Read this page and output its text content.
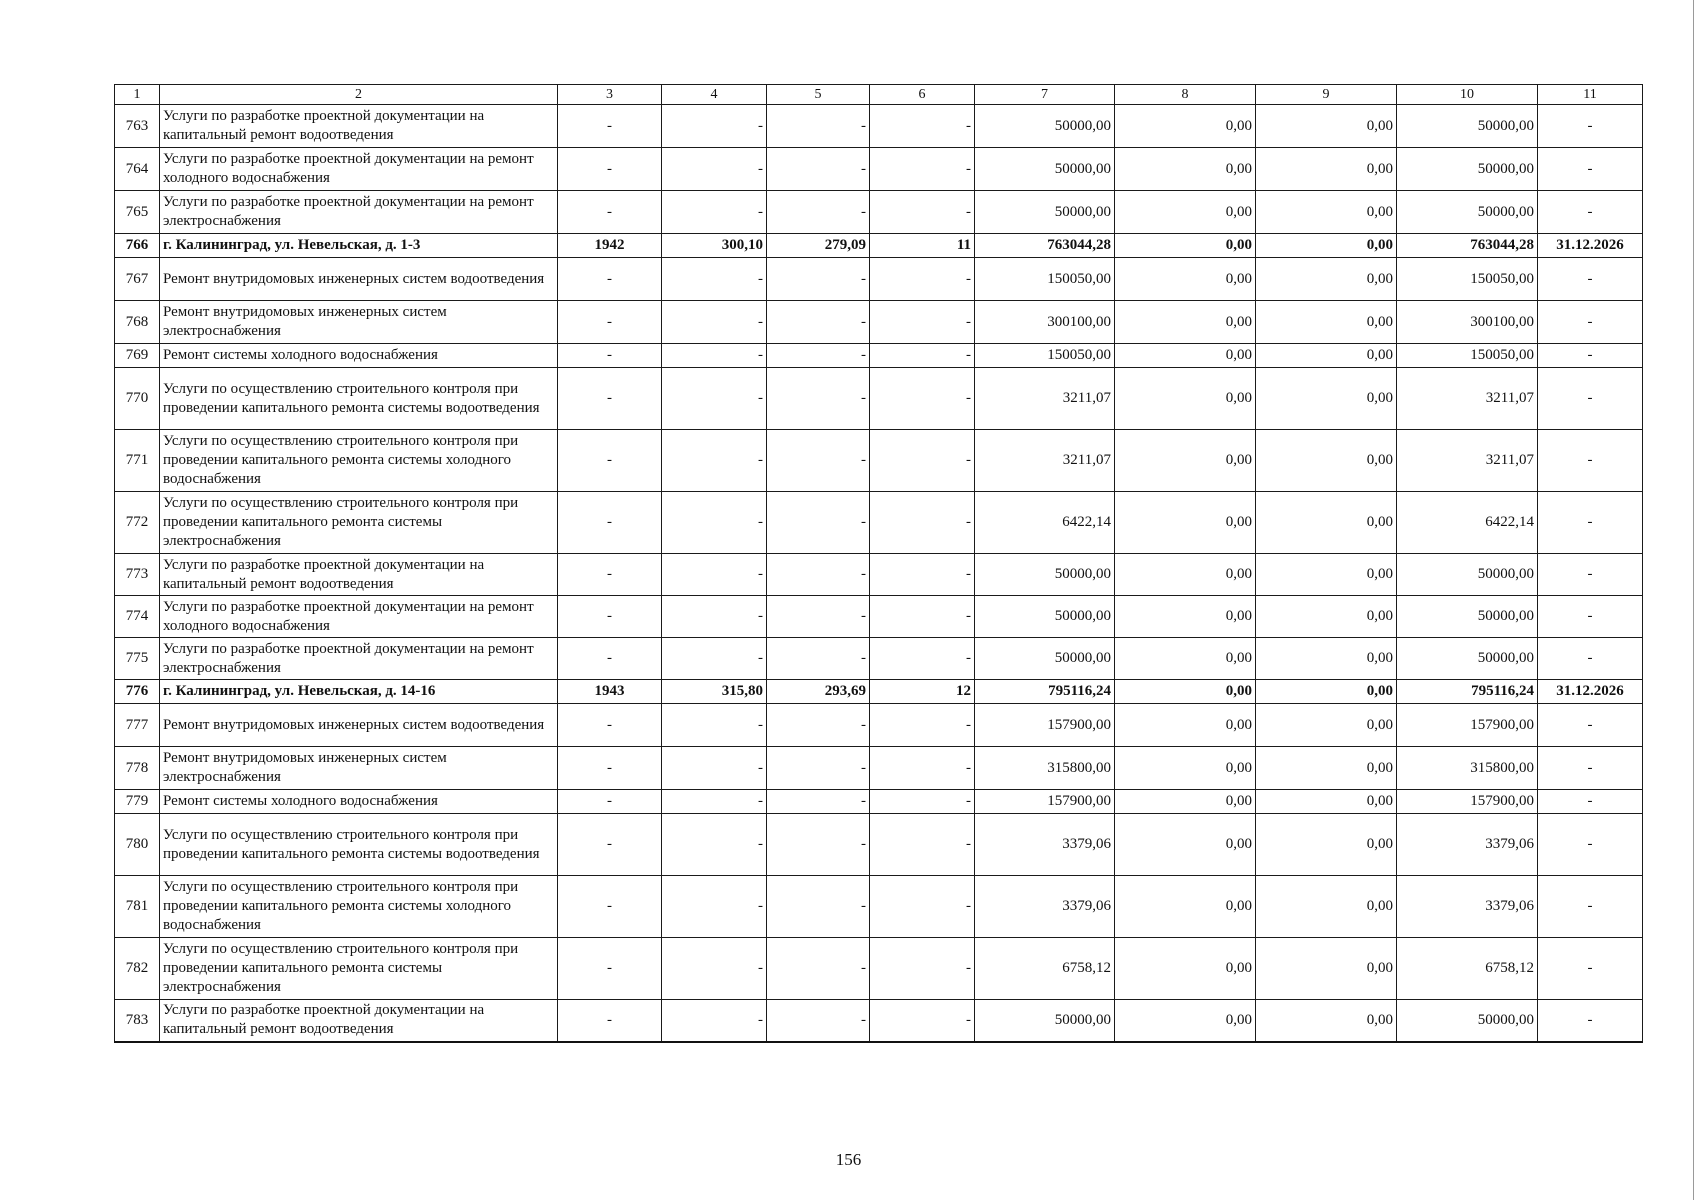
1	2	3	4	5	6	7	8	9	10	11
763	Услуги по разработке проектной документации на капитальный ремонт водоотведения	-	-	-	-	50000,00	0,00	0,00	50000,00	-
764	Услуги по разработке проектной документации на ремонт холодного водоснабжения	-	-	-	-	50000,00	0,00	0,00	50000,00	-
765	Услуги по разработке проектной документации на ремонт электроснабжения	-	-	-	-	50000,00	0,00	0,00	50000,00	-
766	г. Калининград, ул. Невельская, д. 1-3	1942	300,10	279,09	11	763044,28	0,00	0,00	763044,28	31.12.2026
767	Ремонт внутридомовых инженерных систем водоотведения	-	-	-	-	150050,00	0,00	0,00	150050,00	-
768	Ремонт внутридомовых инженерных систем электроснабжения	-	-	-	-	300100,00	0,00	0,00	300100,00	-
769	Ремонт системы холодного водоснабжения	-	-	-	-	150050,00	0,00	0,00	150050,00	-
770	Услуги по осуществлению строительного контроля при проведении капитального ремонта системы водоотведения	-	-	-	-	3211,07	0,00	0,00	3211,07	-
771	Услуги по осуществлению строительного контроля при проведении капитального ремонта системы холодного водоснабжения	-	-	-	-	3211,07	0,00	0,00	3211,07	-
772	Услуги по осуществлению строительного контроля при проведении капитального ремонта системы электроснабжения	-	-	-	-	6422,14	0,00	0,00	6422,14	-
773	Услуги по разработке проектной документации на капитальный ремонт водоотведения	-	-	-	-	50000,00	0,00	0,00	50000,00	-
774	Услуги по разработке проектной документации на ремонт холодного водоснабжения	-	-	-	-	50000,00	0,00	0,00	50000,00	-
775	Услуги по разработке проектной документации на ремонт электроснабжения	-	-	-	-	50000,00	0,00	0,00	50000,00	-
776	г. Калининград, ул. Невельская, д. 14-16	1943	315,80	293,69	12	795116,24	0,00	0,00	795116,24	31.12.2026
777	Ремонт внутридомовых инженерных систем водоотведения	-	-	-	-	157900,00	0,00	0,00	157900,00	-
778	Ремонт внутридомовых инженерных систем электроснабжения	-	-	-	-	315800,00	0,00	0,00	315800,00	-
779	Ремонт системы холодного водоснабжения	-	-	-	-	157900,00	0,00	0,00	157900,00	-
780	Услуги по осуществлению строительного контроля при проведении капитального ремонта системы водоотведения	-	-	-	-	3379,06	0,00	0,00	3379,06	-
781	Услуги по осуществлению строительного контроля при проведении капитального ремонта системы холодного водоснабжения	-	-	-	-	3379,06	0,00	0,00	3379,06	-
782	Услуги по осуществлению строительного контроля при проведении капитального ремонта системы электроснабжения	-	-	-	-	6758,12	0,00	0,00	6758,12	-
783	Услуги по разработке проектной документации на капитальный ремонт водоотведения	-	-	-	-	50000,00	0,00	0,00	50000,00	-
156
